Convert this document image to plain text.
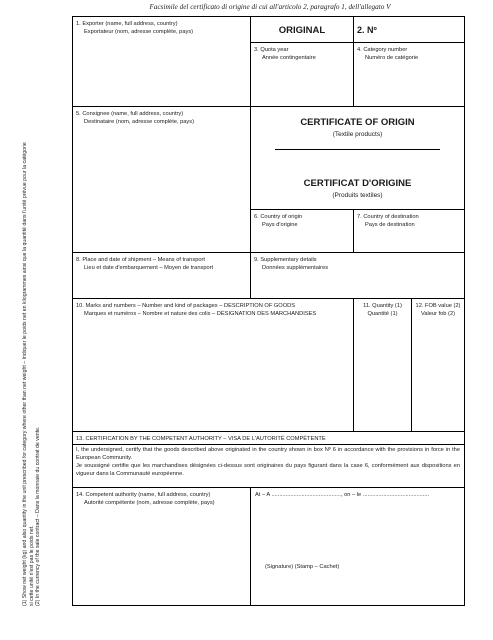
Facsimile del certificato di origine di cui all'articolo 2, paragrafo 1, dell'allegato V
(1) Show net weight (kg) and also quantity in the unit prescribed for category where other than net weight – Indiquer le poids net en kilogrammes ainsi que la quantité dans l'unité prévue pour la catégorie si cette unité n'est pas le poids net. (2) In the currency of the sale contract – Dans la monnaie du contrat de vente.
1. Exporter (name, full address, country)
Exportateur (nom, adresse complète, pays)	ORIGINAL	2. Nº
3. Quota year
Année contingentaire
4. Category number
Numéro de catégorie
5. Consignee (name, full address, country)
Destinataire (nom, adresse complète, pays)	CERTIFICATE OF ORIGIN
(Textile products)
CERTIFICAT D'ORIGINE
(Produits textiles)
6. Country of origin
Pays d'origine
7. Country of destination
Pays de destination
8. Place and date of shipment – Means of transport
Lieu et date d'embarquement – Moyen de transport
9. Supplementary details
Données supplémentaires
10. Marks and numbers – Number and kind of packages – DESCRIPTION OF GOODS
Marques et numéros – Nombre et nature des colis – DÉSIGNATION DES MARCHANDISES
11. Quantity (1)
Quantité (1)
12. FOB value (2)
Valeur fob (2)
13. CERTIFICATION BY THE COMPETENT AUTHORITY – VISA DE L'AUTORITÉ COMPÉTENTE
I, the undersigned, certify that the goods described above originated in the country shown in box Nº 6 in accordance with the provisions in force in the European Community.
Je soussigné certifie que les marchandises désignées ci-dessus sont originaires du pays figurant dans la case 6, conformément aux dispositions en vigueur dans la Communauté européenne.
14. Competent authority (name, full address, country)
Autorité compétente (nom, adresse complète, pays)
At – A ............................................, on – le ..........................................
(Signature) (Stamp – Cachet)
